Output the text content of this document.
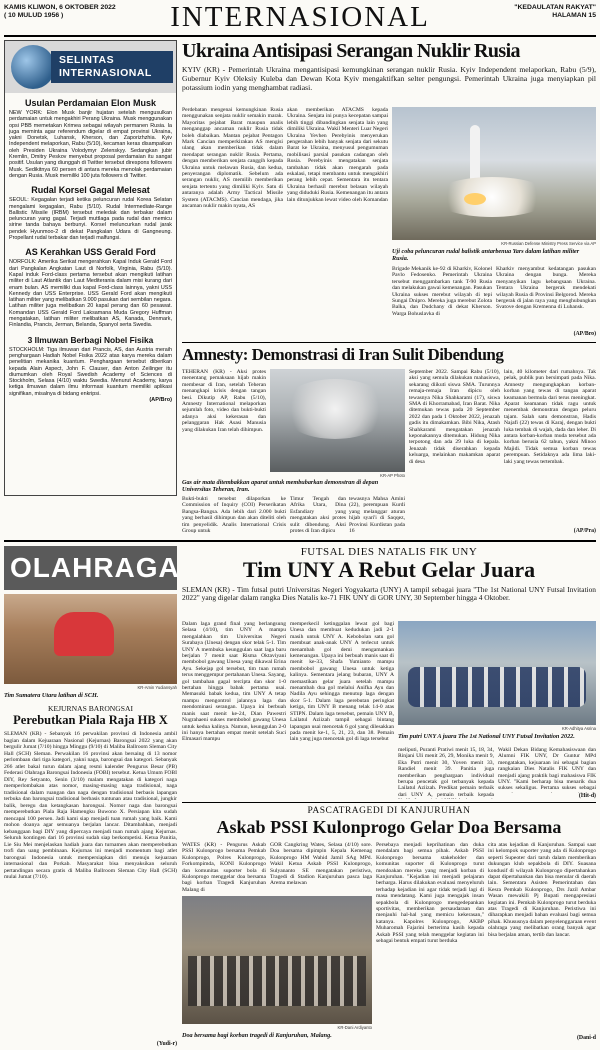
KAMIS KLIWON, 6 OKTOBER 2022
( 10 MULUD 1956 )	INTERNASIONAL	"KEDAULATAN RAKYAT"
HALAMAN 15
SELINTAS INTERNASIONAL
Usulan Perdamaian Elon Musk
NEW YORK: Elon Musk banjir hujatan setelah mengusulkan perdamaian untuk mengakhiri Perang Ukraina. Musk menggunakan opsi PBB memetakan Krimea sebagai wilayah permanen Rusia. Ia juga meminta agar referendum digelar di empat provinsi Ukraina, yakni Donetsk, Luhansk, Kherson, dan Zaporizhzhia. Kyiv Independent melaporkan, Rabu (5/10), kecaman keras disampaikan oleh Presiden Ukraina Volodymyr Zelenskyy. Sedangkan jubir Kremlin, Dmitry Peskov menyebut proposal perdamaian itu sangat positif. Usulan yang diunggah di Twitter tersebut direspons followers Musk. Sedikitnya 60 persen di antara mereka menolak perdamaian dengan Rusia. Musk memiliki 100 juta followers di Twitter.
Rudal Korsel Gagal Melesat
SEOUL: Kegagalan terjadi ketika peluncuran rudal Korea Selatan mengalami kegagalan, Rabu (5/10). Rudal Intermediate-Range Ballistic Missile (IRBM) tersebut meledak dan terbakar dalam peluncuran yang gagal. Terjadi muttlaga pada rudal dan memicu sirine tanda bahaya berbunyi. Korsel meluncurkan rudal jarak pendek Hyunmoo-2 di dekat Pangkalan Udara di Gangneung. Propellant rudal terbakar dan terjadi malfungsi.
AS Kerahkan USS Gerald Ford
NORFOLK: Amerika Serikat mengerahkan Kapal Induk Gerald Ford dari Pangkalan Angkatan Laut di Norfolk, Virginia, Rabu (5/10). Kapal induk Ford-class pertama tersebut akan mengikuti latihan militer di Laut Atlantik dan Laut Mediterania dalam misi kurang dari enam bulan. AS memiliki dua kapal Ford-class lainnya, yakni USS Kennedy dan USS Enterprise. USS Gerald Ford akan mengikuti latihan militer yang melibatkan 9.000 pasukan dari sembilan negara. Latihan militer juga melibatkan 20 kapal perang dan 60 pesawat. Komandan USS Gerald Ford Laksamana Muda Gregory Huffman mengatakan, latihan militer melibatkan AS, Kanada, Denmark, Finlandia, Prancis, Jerman, Belanda, Spanyol serta Swedia.
3 Ilmuwan Berbagi Nobel Fisika
STOCKHOLM: Tiga ilmuwan dari Prancis, AS, dan Austria meraih penghargaan Hadiah Nobel Fisika 2022 atas karya mereka dalam penelitian mekanika kuantum. Penghargaan tersebut diberikan kepada Alain Aspect, John F. Clauser, dan Anton Zeilinger itu diumumkan oleh Royal Swedish Academy of Sciences di Stockholm, Selasa (4/10) waktu Swedia. Menurut Academy, karya ketiga ilmuwan dalam ilmu informasi kuantum memiliki aplikasi signifikan, misalnya di bidang enkripsi.
(AP/Bro)
Ukraina Antisipasi Serangan Nuklir Rusia
KYIV (KR) - Pemerintah Ukraina mengantisipasi kemungkinan serangan nuklir Rusia. Kyiv Independent melaporkan, Rabu (5/9), Gubernur Kyiv Oleksiy Kuleba dan Dewan Kota Kyiv mengaktifkan selter pengungsi. Pemerintah Ukraina juga menyiapkan pil potassium iodin yang menghambat radiasi.
Perdebatan mengenai kemungkinan Rusia menggunakan senjata nuklir semakin marak. Mayoritas pejabat Barat maupun analis menganggap ancaman nuklir Rusia tidak boleh diabaikan. Mantan pejabat Pentagon Mark Cancian memperkirakan AS mengisi ulang akan memberikan tidak dalam mendapat serangan nuklir Rusia. Pertama, dengan memberikan senjata canggih kepada Ukraina untuk melawan Rusia, dan kedua, penyerangan diplomatik. Sebelum ada serangan nuklir, AS memilih memberikan senjata tertentu yang dimiliki Kyiv. Satu di antaranya adalah Army Tactical Missile System (ATACMS). Cancian mendaga, jika ancaman nuklir makin nyata, AS
akan memberikan ATACMS kepada Ukraina. Senjata ini punya kecepatan sampai lebih tinggi dibandingkan senjata lain yang dimiliki Ukraina. Wakil Menteri Luar Negeri Ukraina Yevhen Perebyinis menyerukan pengerahan lebih banyak senjata dari sekutu Barat ke Ukraina, menyusul pengumuman mobilisasi parsial pasukan cadangan oleh Rusia. Perebyinis mengatakan senjata tambahan tidak akan mengarah pada eskalasi, tetapi membantu untuk mengakhiri perang lebih cepat. Sementara itu tentara Ukraina berhasil merebut belasan wilayah yang diduduki Rusia. Kemenangan itu antara lain ditunjukkan lewat video oleh Komandan
KR-Russian Defense Ministry Press Service via AP
Uji coba peluncuran rudal balistik antarbenua Yars dalam latihan militer Rusia.
Brigade Mekanik ke-92 di Kharkiv, Kolonel Pavlo Fedosenko. Pemerintah Ukraina tersebut menggambarkan tank T-90 Rusia dan melakukan gawai kemenangan. Pasukan Ukraina sukses merebut wilayah di tepi Sungai Dnipro. Mereka juga merebut Zolota Balka, dan Dudchany di dekat Kherson. Warga Bohuslavka di
Kharkiv menyambut kedatangan pasukan Ukraina dengan bunga. Mereka menyanyikan lagu kebangsaan Ukraina. Tentara Ukraina bergerak mendekati wilayah Rusia di Provinsi Belgorod. Mereka bergerak di jalan raya yang menghubungkan Svatove dengan Kremenna di Luhansk.
(AP/Bro)
Amnesty: Demonstrasi di Iran Sulit Dibendung
TEHERAN (KR) - Aksi protes menentang pemaksaan hijab makin membesar di Iran, setelah Teheran menangkapi krisis dengan tangan besi. Dikutip AP, Rabu (5/10), Amnesty International melaporkan sejumlah foto, video dan bukti-bukti adanya aksi kekerasan dan pelanggaran Hak Asasi Manusia yang dilakukan Iran telah dihimpun.
KR-AP Photo
Gas air mata ditembakkan aparat untuk membubarkan demonstran di depan Universitas Teheran, Iran.
Timur Tengah dan Afrika Utara, Dina Esfandiary yang mengatakan aksi protes sulit dibendung. Aksi protes di Iran dipicu
tewasnya Mahsa Amini (22), perempuan Kurdi yang melanggar aturan hijab syari'i di Saqqez, Provinsi Kurdistan pada 16
September 2022. Sampai Rabu (5/10), aksi yang semula dilakukan mahasiswa, sekarang diikuti siswa SMA. Turunnya remaja-remaja Iran dipicu oleh tewasnya Nika Shahkarami (17), siswa SMA di Khorramabad, Iran Barat. Nika ditemukan tewas pada 20 September 2022 dan pada 1 Oktober 2022, jenazah gadis itu dimakamkan. Bibi Nika, Atash Shahkarami mengatakan jenazah keponakannya ditemukan. Hidung Nika terpotong dan ada 29 luka di kepala. Jenazah tidak diserahkan kepada keluarga, melainkan makamkan aparat di desa
lain, 40 kilometer dari rumahnya. Tak pelak, publik pun bersimpati pada Nika. Amnesty mengungkapkan korban-korban yang tewas di tangan aparat keamanan bermula dari terus meningkat. Aparat keamanan tidak ragu untuk menembak demonstran dengan peluru tajam. Salah satu demonstran, Hadis Najafi (22) tewas di Karaj, dengan bukti luka tembak di wajah, dada dan leher. Di antara korban-korban muda tersebut ada korban berusia 62 tahun, yakni Minoo Majidi. Tidak semua korban tewas perempuan. Setidaknya ada lima laki-laki yang tewas tertembak.
(AP/Pra)
Bukti-bukti tersebut dilaporkan ke Commission of Inquiry (COI) Perserikatan Bangsa-Bangsa. Ada lebih dari 2.000 bukti yang berhasil dihimpun dan akan diteliti oleh tim penyelidik. Analis International Crisis Group untuk
OLAHRAGA
KR-Amin Yudiansyah
Tim Sumatera Utara latihan di SCH.
KEJURNAS BARONGSAI
Perebutkan Piala Raja HB X
SLEMAN (KR) - Sebanyak 16 perwakilan provinsi di Indonesia ambil bagian dalam Kejuaraan Nasional (Kejurnas) Barongsai 2022 yang akan bergulir Jumat (7/10) hingga Minggu (9/10) di Maliba Ballroom Sleman City Hall (SCH) Sleman. Perwakilan 16 provinsi akan bersaing di 13 nomor perlombaan dari tiga kategori, yakni naga, barongsai dan kategori. Sebanyak 266 atlet bakal turun dalam ajang resmi kalender Pengurus Besar (PB) Federasi Olahraga Barongsai Indonesia (FOBI) tersebut. Ketua Umum FOBI DIY, Rey Setyanto, Senin (3/10) malam mengatakan di kategori naga memperlombakan atas nomor, masing-masing naga tradisional, naga tradisional dalam ruangan dan naga dengan tradisional berbasis lapangan terbuka dan barongsai tradisional berbasis tuntunan atau tradisional, jungkir balik, beregu dan ketangkasan barongsai. Nomor naga dan barongsai memperebutkan Piala Raja Hamengku Buwono X. Persiapan kita sudah mencapai 100 persen. Jadi kami siap menjadi tuan rumah yang baik. Kami mohon doanya agar semuanya berjalan lancar. Ditambahkan, menjadi kebanggaan bagi DIY yang dipercaya menjadi tuan rumah ajang Kejurnas. Seluruh kontingen dari 16 provinsi sudah siap berkompetisi. Ketua Panitia, Lie Siu Mei menjelaskan hadiah juara dan turnamen akan memperebutkan trofi dan uang pembinaan. Kejurnas ini menjadi momentum bagi atlet barongsai Indonesia untuk mempersiapkan diri menuju kejuaraan internasional dan Porkab. Masyarakat bisa menyaksikan seluruh pertandingan secara gratis di Maliba Ballroom Sleman City Hall (SCH) mulai Jumat (7/10).
(Yudi-r)
FUTSAL DIES NATALIS FIK UNY
Tim UNY A Rebut Gelar Juara
SLEMAN (KR) - Tim futsal putri Universitas Negeri Yogyakarta (UNY) A tampil sebagai juara "The 1st National UNY Futsal Invitation 2022" yang digelar dalam rangka Dies Natalis ke-71 FIK UNY di GOR UNY, 30 September hingga 4 Oktober.
Dalam laga grand final yang berlangsung Selasa (4/10), tim UNY A mampu mengalahkan tim Universitas Negeri Surabaya (Unesa) dengan skor telak 5-1. Tim UNY A membuka keunggulan saat laga baru berjalan 7 menit saat Risma Oktaviyani membobol gawang Unesa yang dikawal Erina Ayu. Sekejap gol tersebut, tim tuan rumah terus menggempur pertahanan Unesa. Sayang, gol tambahan gagal tercipta dan skor 1-0 bertahan hingga babak pertama usai. Memasuki babak kedua, tim UNY A tetap mampu mengontrol jalannya laga dan mendominasi serangan. Upaya ini berbuah manis saat menit ke-24, Dian Pawestri Nugrahaeni sukses membobol gawang Unesa untuk kedua kalinya. Namun, keunggulan 2-0 ini hanya bertahan empat menit setelah Suci Elmasari mampu
memperkecil ketinggalan lewat gol bagi Unesa dan membuat kedudukan jadi 2-1 masih untuk UNY A. Kebobolan satu gol membuat anak-anak UNY A terlecut untuk menambah gol demi mengamankan kemenangan. Upaya ini berbuah manis saat di menit ke-33, Shafa Yumianto mampu membobol gawang Unesa untuk ketiga kalinya. Sementara jelang bubaran, UNY A memastikan gelar juara setelah mampu menambah dua gol melalui Anifka Ayu dan Nadila Ayu sehingga menutup laga dengan skor 5-1. Dalam laga perebutan peringkat ketiga, tim UNY B menang telak 14-0 atas STIPN. Dalam laga tersebut, pemain UNY B, Lailatul Aziizah tampil sebagai bintang lapangan usai mencetak 6 gol yang dilesakkan pada menit ke-1, 5, 21, 23, dan 38. Pemain lain yang juga mencetak gol di laga tersebut
KR-Adhitya Asrina
Tim putri UNY A juara The 1st National UNY Futsal Invitation 2022.
meliputi, Puranti Pratiwi menit 15, 18, 34, Rinjani Uli menit 26, 29, Monika menit 9, Eka Putri menit 30, Yoven menit 33, Randiel menit 39. Panitia juga memberikan penghargaan individual berupa pencetak gol terbanyak kepada Lailatul Aziizah. Predikat pemain terbaik dari UNY A, pemain terbaik kepada
Wakil Dekan Bidang Kemahasiswaan dan Alumni FIK UNY, Dr Guntur MPd mengatakan, kejuaraan ini sebagai bagian rangkaian Dies Natalis FIK UNY dan menjadi ajang praktik bagi mahasiswa FIK UNY. "Kami berharap bisa menarik dua sukses sekaligus. Pertama sukses sebagai
(Hit-d)
PASCATRAGEDI DI KANJURUHAN
Askab PSSI Kulonprogo Gelar Doa Bersama
WATES (KR) - Pengurus Askab PSSI Kulonprogo bersama Pemkab Kulonprogo, Polres Kulonprogo, Forkompimda, KONI Kulonprogo dan komunitas suporter bola di Kulonprogo menggelar doa bersama bagi korban Tragedi Kanjuruhan Malang di
GOR Cangkring Wates, Selasa (4/10) sore. Doa bersama dipimpin Kepala Kemenag Kulonprogo HM Wahid Jamil SAg MPd. Wakil Ketua Askab PSSI Kulonprogo, Sulyananto SE mengatakan peristiwa, Tragedi di Stadion Kanjuruhan pasca laga Arema melawan
KR-Dani Ardiyanto
Doa bersama bagi korban tragedi di Kanjuruhan, Malang.
Persebaya menjadi keprihatinan dan duka mendalam bagi semua pihak. Askab PSSI Kulonprogo bersama stakeholder dan komunitas suporter di Kulonprogo turut mendoakan mereka yang menjadi korban di Kanjuruhan. "Kejadian ini menjadi pelajaran berharga. Harus dilakukan evaluasi menyeluruh terhadap kejadian ini agar tidak terjadi lagi di masa mendatang. Kami juga mengajak insan sepakbola di Kulonprogo mengedepankan sportivitas, memberikan persaudaraan dan menjauhi hal-hal yang memicu kekerasan," katanya. Kapolres Kulonprogo, AKBP Muharomah Fajarini berterima kasih kepada Askab PSSI yang telah menggelar kegiatan ini sebagai bentuk empati turut berduka
cita atas kejadian di Kanjuruhan. Sampai saat ini kelompok suporter yang ada di Kulonprogo seperti Supeoter dari taruh dalam memberikan dukungan klub sepakbola di DIY. Suasana kondusif di wilayah Kulonprogo dipertahankan dapat dipertahankan dan bisa menular di daerah lain. Sementara Asisten Pemerintahan dan Kesra Pemkab Kulonprogo, Drs Jazil Ambar Wasan mewakili Pj Bupati mengapresiasi kegiatan ini. Pemkab Kulonprogo turut berduka atas Tragedi di Kanjuruhan. Peristiwa ini diharapkan menjadi bahan evaluasi bagi semua pihak. Khususnya dalam penyelenggaraan event olahraga yang melibatkan orang banyak agar bisa berjalan aman, tertib dan lancar.
(Dani-d
